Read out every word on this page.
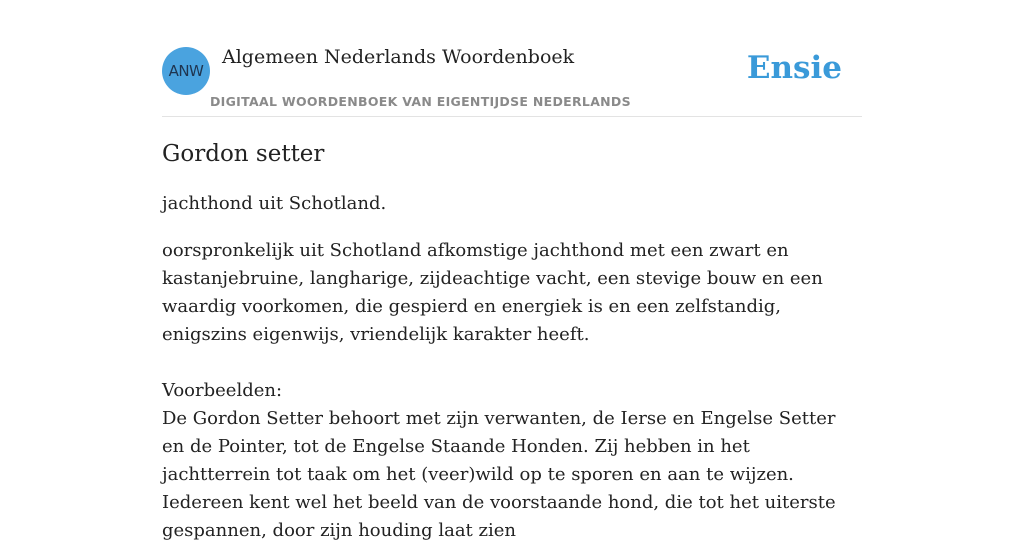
ANW
Algemeen Nederlands Woordenboek
DIGITAAL WOORDENBOEK VAN EIGENTIJDSE NEDERLANDS
Ensie
Gordon setter

jachthond uit Schotland.

oorspronkelijk uit Schotland afkomstige jachthond met een zwart en kastanjebruine, langharige, zijdeachtige vacht, een stevige bouw en een waardig voorkomen, die gespierd en energiek is en een zelfstandig, enigszins eigenwijs, vriendelijk karakter heeft.

Voorbeelden:

De Gordon Setter behoort met zijn verwanten, de Ierse en Engelse Setter en de Pointer, tot de Engelse Staande Honden. Zij hebben in het jachtterrein tot taak om het (veer)wild op te sporen en aan te wijzen. Iedereen kent wel het beeld van de voorstaande hond, die tot het uiterste gespannen, door zijn houding laat zien
